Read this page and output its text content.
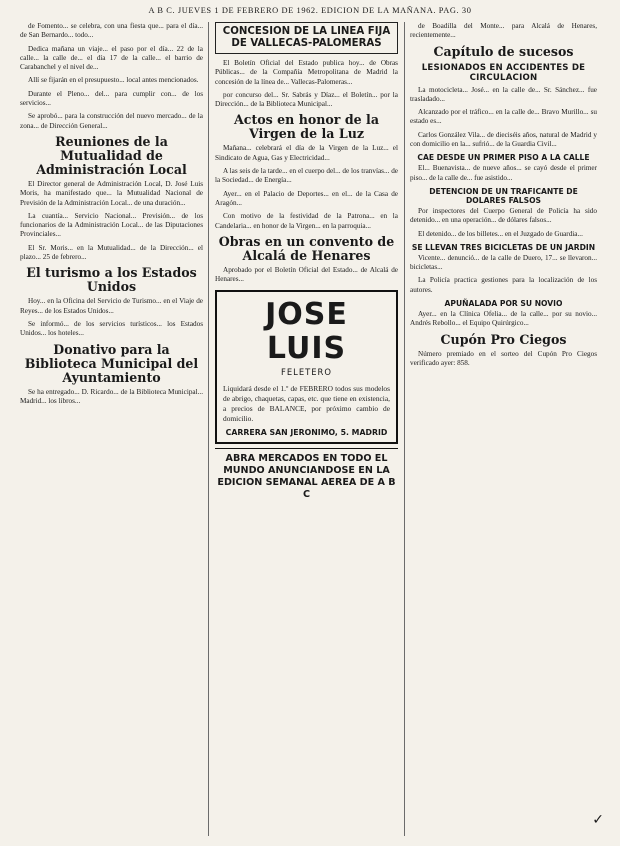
A B C. JUEVES 1 DE FEBRERO DE 1962. EDICION DE LA MAÑANA. PAG. 30

de Fomento... se celebra, con una fiesta que... para el día... de San Bernardo... todo...

Dedica mañana un viaje... el paso por el día... 22 de la calle... la calle de... el día 17 de la calle... el barrio de Carabanchel y el nivel de...

Allí se fijarán en el presupuesto... local antes mencionados.

Durante el Pleno... del... para cumplir con... de los servicios...

Se aprobó... para la construcción del nuevo mercado... de la zona... de Dirección General...

Reuniones de la Mutualidad de Administración Local

El Director general de Administración Local, D. José Luis Moris, ha manifestado que... la Mutualidad Nacional de Previsión de la Administración Local... de una duración...

La cuantía... Servicio Nacional... Previsión... de los funcionarios de la Administración Local... de las Diputaciones Provinciales...

El Sr. Moris... en la Mutualidad... de la Dirección... el plazo... 25 de febrero...

El turismo a los Estados Unidos

Hoy... en la Oficina del Servicio de Turismo... en el Viaje de Reyes... de los Estados Unidos...

Se informó... de los servicios turísticos... los Estados Unidos... los hoteles...

Donativo para la Biblioteca Municipal del Ayuntamiento

Se ha entregado... D. Ricardo... de la Biblioteca Municipal... Madrid... los libros...

CONCESION DE LA LINEA FIJA DE VALLECAS-PALOMERAS

El Boletín Oficial del Estado publica hoy... de Obras Públicas... de la Compañía Metropolitana de Madrid la concesión de la línea de... Vallecas-Palomeras...

por concurso del... Sr. Sabrás y Díaz... el Boletín... por la Dirección... de la Biblioteca Municipal...

Actos en honor de la Virgen de la Luz

Mañana... celebrará el día de la Virgen de la Luz... el Sindicato de Agua, Gas y Electricidad...

A las seis de la tarde... en el cuerpo del... de los tranvías... de la Sociedad... de Energía...

Ayer... en el Palacio de Deportes... en el... de la Casa de Aragón...

Con motivo de la festividad de la Patrona... en la Candelaria... en honor de la Virgen... en la parroquia...

Obras en un convento de Alcalá de Henares

Aprobado por el Boletín Oficial del Estado... de Alcalá de Henares...

JOSE LUIS
FELETERO

Liquidará desde el 1.º de FEBRERO todos sus modelos de abrigo, chaquetas, capas, etc. que tiene en existencia, a precios de BALANCE, por próximo cambio de domicilio.

CARRERA SAN JERONIMO, 5. MADRID
ABRA MERCADOS EN TODO EL MUNDO ANUNCIANDOSE EN LA EDICION SEMANAL AEREA DE A B C

de Boadilla del Monte... para Alcalá de Henares, recientemente...

Capítulo de sucesos
LESIONADOS EN ACCIDENTES DE CIRCULACION

La motocicleta... José... en la calle de... Sr. Sánchez... fue trasladado...

Alcanzado por el tráfico... en la calle de... Bravo Murillo... su estado es...

Carlos González Vila... de dieciséis años, natural de Madrid y con domicilio en la... sufrió... de la Guardia Civil...

CAE DESDE UN PRIMER PISO A LA CALLE

El... Buenavista... de nueve años... se cayó desde el primer piso... de la calle de... fue asistido...

DETENCION DE UN TRAFICANTE DE DOLARES FALSOS

Por inspectores del Cuerpo General de Policía ha sido detenido... en una operación... de dólares falsos...

El detenido... de los billetes... en el Juzgado de Guardia...

SE LLEVAN TRES BICICLETAS DE UN JARDIN

Vicente... denunció... de la calle de Duero, 17... se llevaron... bicicletas...

La Policía practica gestiones para la localización de los autores.

APUÑALADA POR SU NOVIO

Ayer... en la Clínica Ofelia... de la calle... por su novio... Andrés Rebollo... el Equipo Quirúrgico...

Cupón Pro Ciegos

Número premiado en el sorteo del Cupón Pro Ciegos verificado ayer: 858.

✓
